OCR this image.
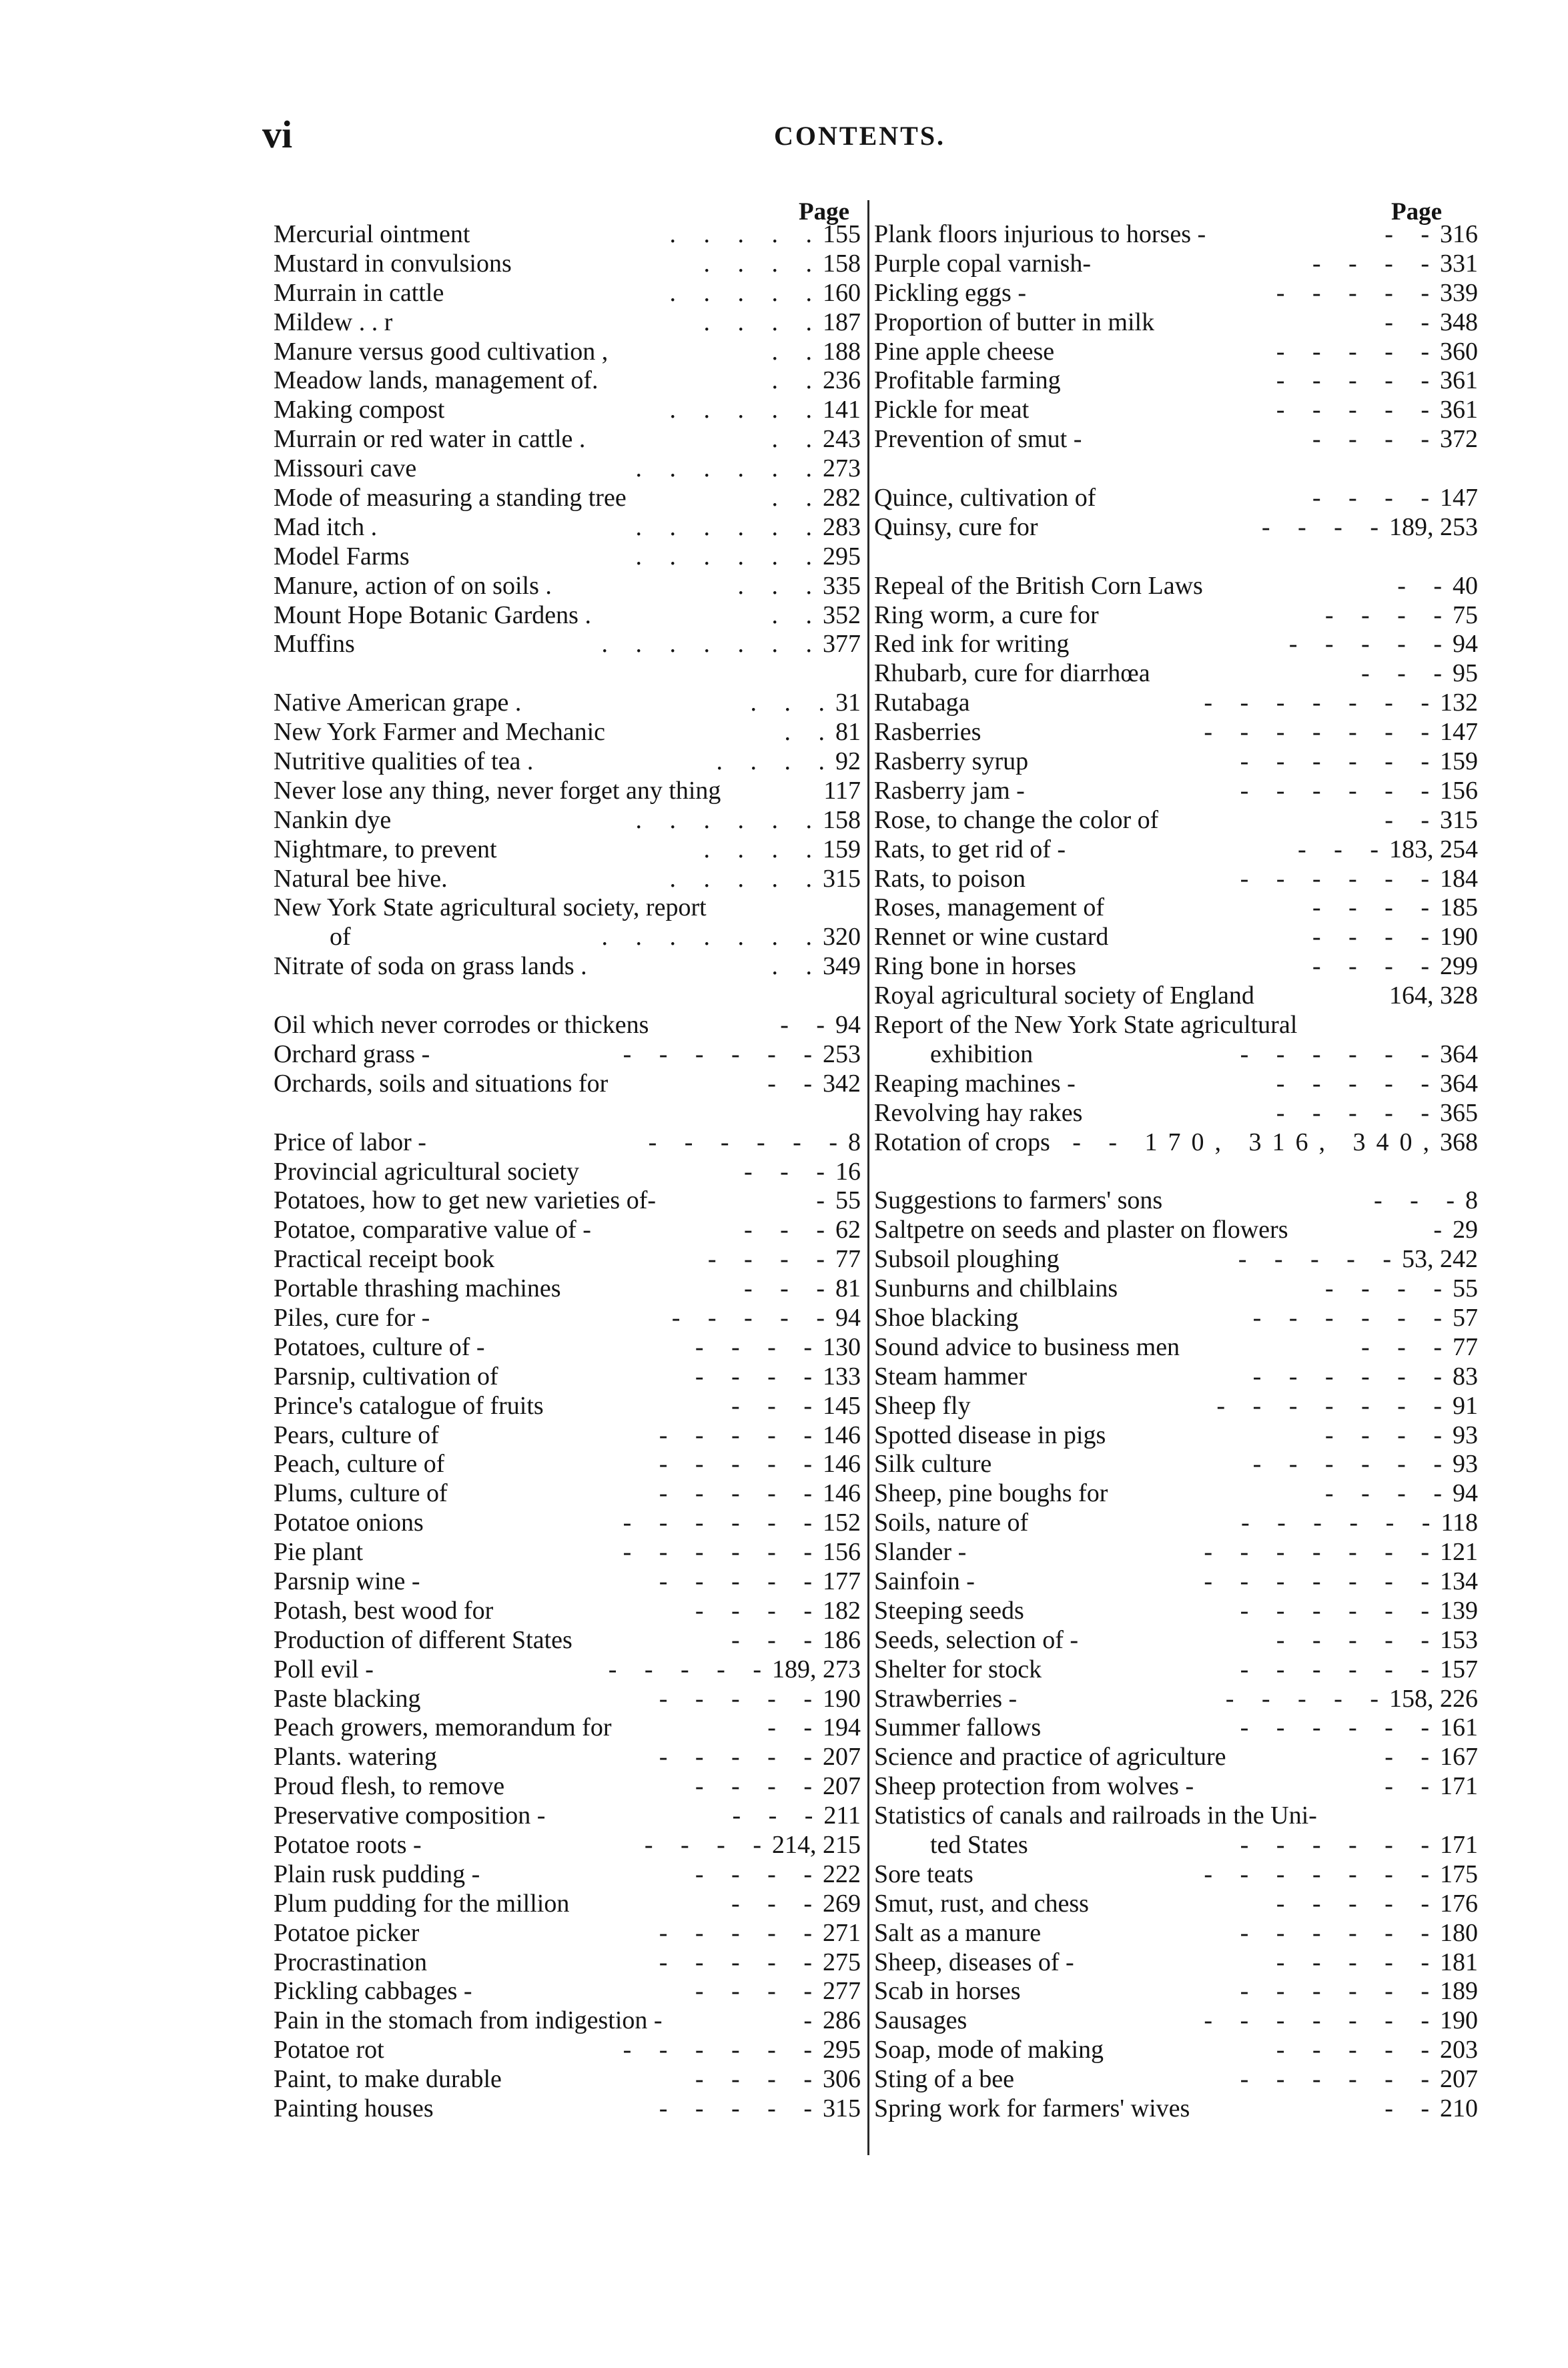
vi	CONTENTS.
Page	Page
Mercurial ointment	. . . . . 155
Mustard in convulsions	. . . . 158
Murrain in cattle	. . . . . 160
Mildew . . r	. . . . 187
Manure versus good cultivation ,	. . 188
Meadow lands, management of.	. . 236
Making compost	. . . . . 141
Murrain or red water in cattle .	. . 243
Missouri cave	. . . . . . 273
Mode of measuring a standing tree	. . 282
Mad itch .	. . . . . . 283
Model Farms	. . . . . . 295
Manure, action of on soils .	. . . 335
Mount Hope Botanic Gardens .	. . 352
Muffins	. . . . . . . 377
Native American grape .	. . . 31
New York Farmer and Mechanic	. . 81
Nutritive qualities of tea .	. . . . 92
Never lose any thing, never forget any thing	117
Nankin dye	. . . . . . 158
Nightmare, to prevent	. . . . 159
Natural bee hive.	. . . . . 315
New York State agricultural society, report
of	. . . . . . . 320
Nitrate of soda on grass lands .	. . 349
Oil which never corrodes or thickens	- - 94
Orchard grass -	- - - - - - 253
Orchards, soils and situations for	- - 342
Price of labor -	- - - - - - 8
Provincial agricultural society	- - - 16
Potatoes, how to get new varieties of-	- 55
Potatoe, comparative value of -	- - - 62
Practical receipt book	- - - - 77
Portable thrashing machines	- - - 81
Piles, cure for -	- - - - - 94
Potatoes, culture of -	- - - - 130
Parsnip, cultivation of	- - - - 133
Prince's catalogue of fruits	- - - 145
Pears, culture of	- - - - - 146
Peach, culture of	- - - - - 146
Plums, culture of	- - - - - 146
Potatoe onions	- - - - - - 152
Pie plant	- - - - - - 156
Parsnip wine -	- - - - - 177
Potash, best wood for	- - - - 182
Production of different States	- - - 186
Poll evil -	- - - - - 189, 273
Paste blacking	- - - - - 190
Peach growers, memorandum for	- - 194
Plants. watering	- - - - - 207
Proud flesh, to remove	- - - - 207
Preservative composition -	- - - 211
Potatoe roots -	- - - - 214, 215
Plain rusk pudding -	- - - - 222
Plum pudding for the million	- - - 269
Potatoe picker	- - - - - 271
Procrastination	- - - - - 275
Pickling cabbages -	- - - - 277
Pain in the stomach from indigestion -	- 286
Potatoe rot	- - - - - - 295
Paint, to make durable	- - - - 306
Painting houses	- - - - - 315
Plank floors injurious to horses -	- - 316
Purple copal varnish-	- - - - 331
Pickling eggs -	- - - - - 339
Proportion of butter in milk	- - 348
Pine apple cheese	- - - - - 360
Profitable farming	- - - - - 361
Pickle for meat	- - - - - 361
Prevention of smut -	- - - - 372
Quince, cultivation of	- - - - 147
Quinsy, cure for	- - - - 189, 253
Repeal of the British Corn Laws	- - 40
Ring worm, a cure for	- - - - 75
Red ink for writing	- - - - - 94
Rhubarb, cure for diarrhœa	- - - 95
Rutabaga	- - - - - - - 132
Rasberries	- - - - - - - 147
Rasberry syrup	- - - - - - 159
Rasberry jam -	- - - - - - 156
Rose, to change the color of	- - 315
Rats, to get rid of -	- - - 183, 254
Rats, to poison	- - - - - - 184
Roses, management of	- - - - 185
Rennet or wine custard	- - - - 190
Ring bone in horses	- - - - 299
Royal agricultural society of England	164, 328
Report of the New York State agricultural
exhibition	- - - - - - 364
Reaping machines -	- - - - - 364
Revolving hay rakes	- - - - - 365
Rotation of crops - - 170, 316, 340, 368
Suggestions to farmers' sons	- - - 8
Saltpetre on seeds and plaster on flowers	- 29
Subsoil ploughing	- - - - - 53, 242
Sunburns and chilblains	- - - - 55
Shoe blacking	- - - - - - 57
Sound advice to business men	- - - 77
Steam hammer	- - - - - - 83
Sheep fly	- - - - - - - 91
Spotted disease in pigs	- - - - 93
Silk culture	- - - - - - 93
Sheep, pine boughs for	- - - - 94
Soils, nature of	- - - - - - 118
Slander -	- - - - - - - 121
Sainfoin -	- - - - - - - 134
Steeping seeds	- - - - - - 139
Seeds, selection of -	- - - - - 153
Shelter for stock	- - - - - - 157
Strawberries -	- - - - - 158, 226
Summer fallows	- - - - - - 161
Science and practice of agriculture	- - 167
Sheep protection from wolves -	- - 171
Statistics of canals and railroads in the Uni-
ted States	- - - - - - 171
Sore teats	- - - - - - - 175
Smut, rust, and chess	- - - - - 176
Salt as a manure	- - - - - - 180
Sheep, diseases of -	- - - - - 181
Scab in horses	- - - - - - 189
Sausages	- - - - - - - 190
Soap, mode of making	- - - - - 203
Sting of a bee	- - - - - - 207
Spring work for farmers' wives	- - 210
